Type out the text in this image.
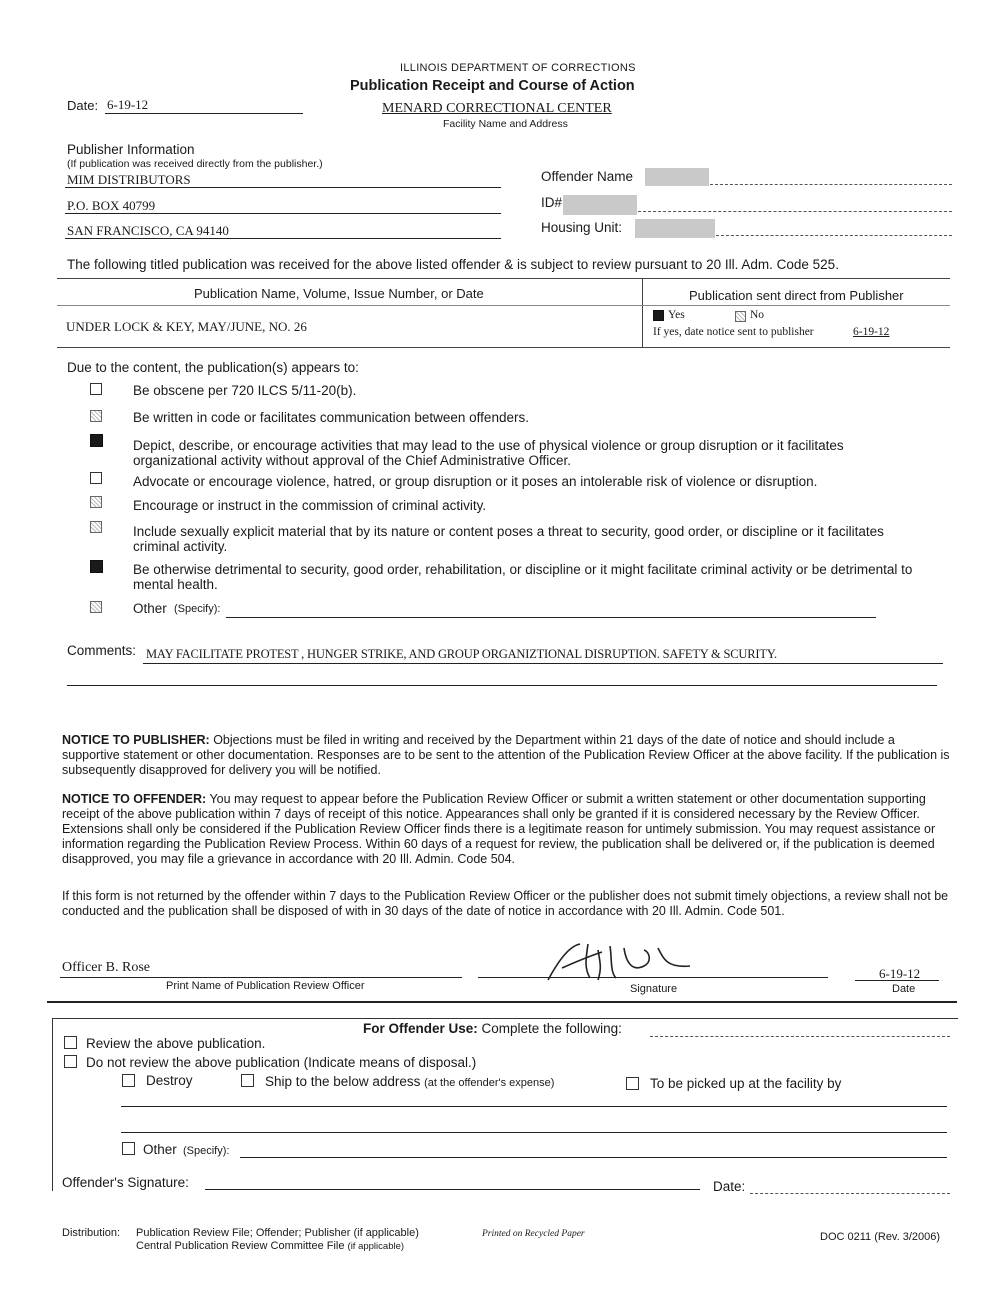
ILLINOIS DEPARTMENT OF CORRECTIONS
Publication Receipt and Course of Action
MENARD CORRECTIONAL CENTER
Facility Name and Address
Date: 6-19-12
Publisher Information
(If publication was received directly from the publisher.)
MIM DISTRIBUTORS
P.O. BOX 40799
SAN FRANCISCO, CA 94140
Offender Name
ID#
Housing Unit:
The following titled publication was received for the above listed offender & is subject to review pursuant to 20 Ill. Adm. Code 525.
Publication Name, Volume, Issue Number, or Date	Publication sent direct from Publisher
UNDER LOCK & KEY, MAY/JUNE, NO. 26
Yes	No
If yes, date notice sent to publisher	6-19-12
Due to the content, the publication(s) appears to:
Be obscene per 720 ILCS 5/11-20(b).
Be written in code or facilitates communication between offenders.
Depict, describe, or encourage activities that may lead to the use of physical violence or group disruption or it facilitates organizational activity without approval of the Chief Administrative Officer.
Advocate or encourage violence, hatred, or group disruption or it poses an intolerable risk of violence or disruption.
Encourage or instruct in the commission of criminal activity.
Include sexually explicit material that by its nature or content poses a threat to security, good order, or discipline or it facilitates criminal activity.
Be otherwise detrimental to security, good order, rehabilitation, or discipline or it might facilitate criminal activity or be detrimental to mental health.
Other (Specify):
Comments: MAY FACILITATE PROTEST , HUNGER STRIKE, AND GROUP ORGANIZTIONAL DISRUPTION. SAFETY & SCURITY.
NOTICE TO PUBLISHER: Objections must be filed in writing and received by the Department within 21 days of the date of notice and should include a supportive statement or other documentation. Responses are to be sent to the attention of the Publication Review Officer at the above facility. If the publication is subsequently disapproved for delivery you will be notified.
NOTICE TO OFFENDER: You may request to appear before the Publication Review Officer or submit a written statement or other documentation supporting receipt of the above publication within 7 days of receipt of this notice. Appearances shall only be granted if it is considered necessary by the Review Officer. Extensions shall only be considered if the Publication Review Officer finds there is a legitimate reason for untimely submission. You may request assistance or information regarding the Publication Review Process. Within 60 days of a request for review, the publication shall be delivered or, if the publication is deemed disapproved, you may file a grievance in accordance with 20 Ill. Admin. Code 504.
If this form is not returned by the offender within 7 days to the Publication Review Officer or the publisher does not submit timely objections, a review shall not be conducted and the publication shall be disposed of with in 30 days of the date of notice in accordance with 20 Ill. Admin. Code 501.
Officer B. Rose
Print Name of Publication Review Officer	Signature
6-19-12
Date
For Offender Use: Complete the following:
Review the above publication.
Do not review the above publication (Indicate means of disposal.)
Destroy	Ship to the below address (at the offender's expense)	To be picked up at the facility by
Other (Specify):
Offender's Signature:	Date:
Distribution: Publication Review File; Offender; Publisher (if applicable)
Central Publication Review Committee File (if applicable)
Printed on Recycled Paper	DOC 0211 (Rev. 3/2006)
